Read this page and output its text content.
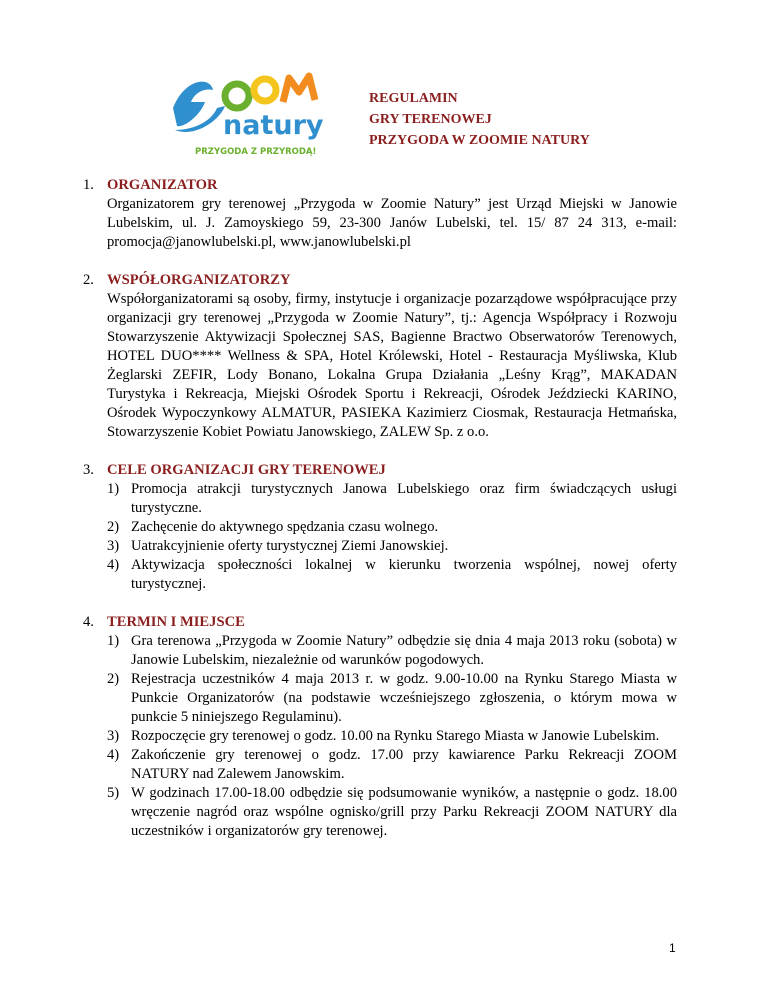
natury
PRZYGODA Z PRZYRODĄ!
REGULAMIN
GRY TERENOWEJ
PRZYGODA W ZOOMIE NATURY
1. ORGANIZATOR
Organizatorem gry terenowej „Przygoda w Zoomie Natury” jest Urząd Miejski w Janowie Lubelskim, ul. J. Zamoyskiego 59, 23-300 Janów Lubelski, tel. 15/ 87 24 313, e-mail: promocja@janowlubelski.pl, www.janowlubelski.pl
2. WSPÓŁORGANIZATORZY
Współorganizatorami są osoby, firmy, instytucje i organizacje pozarządowe współpracujące przy organizacji gry terenowej „Przygoda w Zoomie Natury”, tj.: Agencja Współpracy i Rozwoju Stowarzyszenie Aktywizacji Społecznej SAS, Bagienne Bractwo Obserwatorów Terenowych, HOTEL DUO**** Wellness & SPA, Hotel Królewski, Hotel - Restauracja Myśliwska, Klub Żeglarski ZEFIR, Lody Bonano, Lokalna Grupa Działania „Leśny Krąg”, MAKADAN Turystyka i Rekreacja, Miejski Ośrodek Sportu i Rekreacji, Ośrodek Jeździecki KARINO, Ośrodek Wypoczynkowy ALMATUR, PASIEKA Kazimierz Ciosmak, Restauracja Hetmańska, Stowarzyszenie Kobiet Powiatu Janowskiego, ZALEW Sp. z o.o.
3. CELE ORGANIZACJI GRY TERENOWEJ
1) Promocja atrakcji turystycznych Janowa Lubelskiego oraz firm świadczących usługi turystyczne.
2) Zachęcenie do aktywnego spędzania czasu wolnego.
3) Uatrakcyjnienie oferty turystycznej Ziemi Janowskiej.
4) Aktywizacja społeczności lokalnej w kierunku tworzenia wspólnej, nowej oferty turystycznej.
4. TERMIN I MIEJSCE
1) Gra terenowa „Przygoda w Zoomie Natury” odbędzie się dnia 4 maja 2013 roku (sobota) w Janowie Lubelskim, niezależnie od warunków pogodowych.
2) Rejestracja uczestników 4 maja 2013 r. w godz. 9.00-10.00 na Rynku Starego Miasta w Punkcie Organizatorów (na podstawie wcześniejszego zgłoszenia, o którym mowa w punkcie 5 niniejszego Regulaminu).
3) Rozpoczęcie gry terenowej o godz. 10.00 na Rynku Starego Miasta w Janowie Lubelskim.
4) Zakończenie gry terenowej o godz. 17.00 przy kawiarence Parku Rekreacji ZOOM NATURY nad Zalewem Janowskim.
5) W godzinach 17.00-18.00 odbędzie się podsumowanie wyników, a następnie o godz. 18.00 wręczenie nagród oraz wspólne ognisko/grill przy Parku Rekreacji ZOOM NATURY dla uczestników i organizatorów gry terenowej.
1
